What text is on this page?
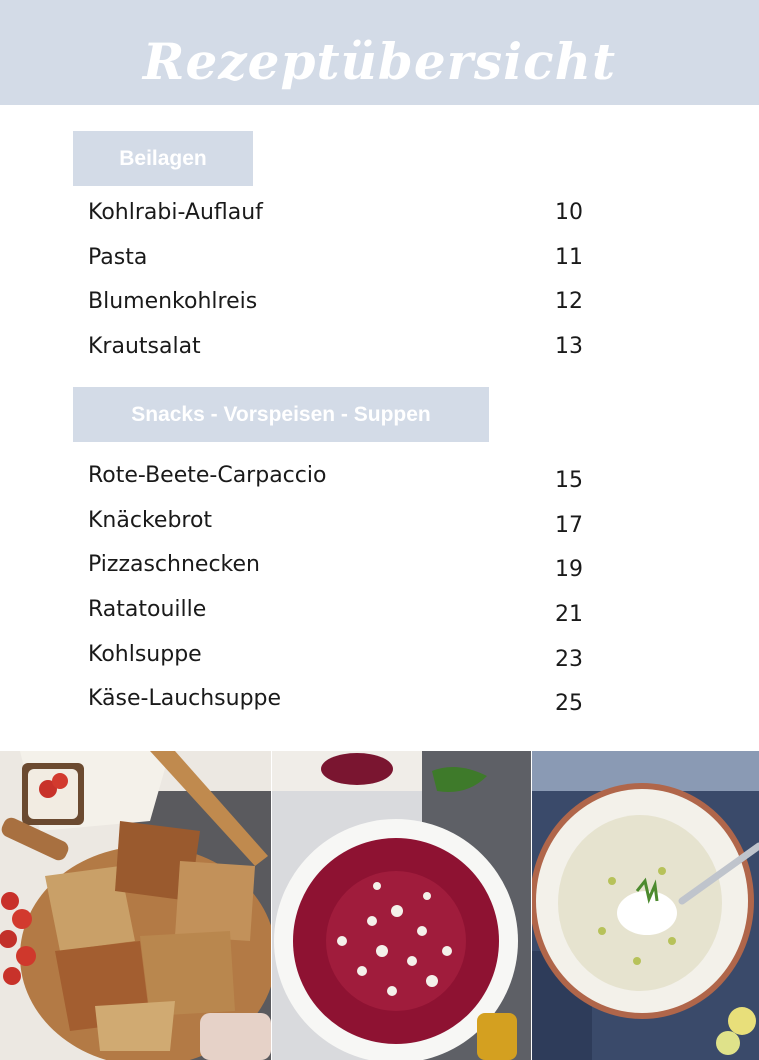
Rezeptübersicht
Beilagen
Kohlrabi-Auflauf	10
Pasta	11
Blumenkohlreis	12
Krautsalat	13
Snacks - Vorspeisen - Suppen
Rote-Beete-Carpaccio	15
Knäckebrot	17
Pizzaschnecken	19
Ratatouille	21
Kohlsuppe	23
Käse-Lauchsuppe	25
